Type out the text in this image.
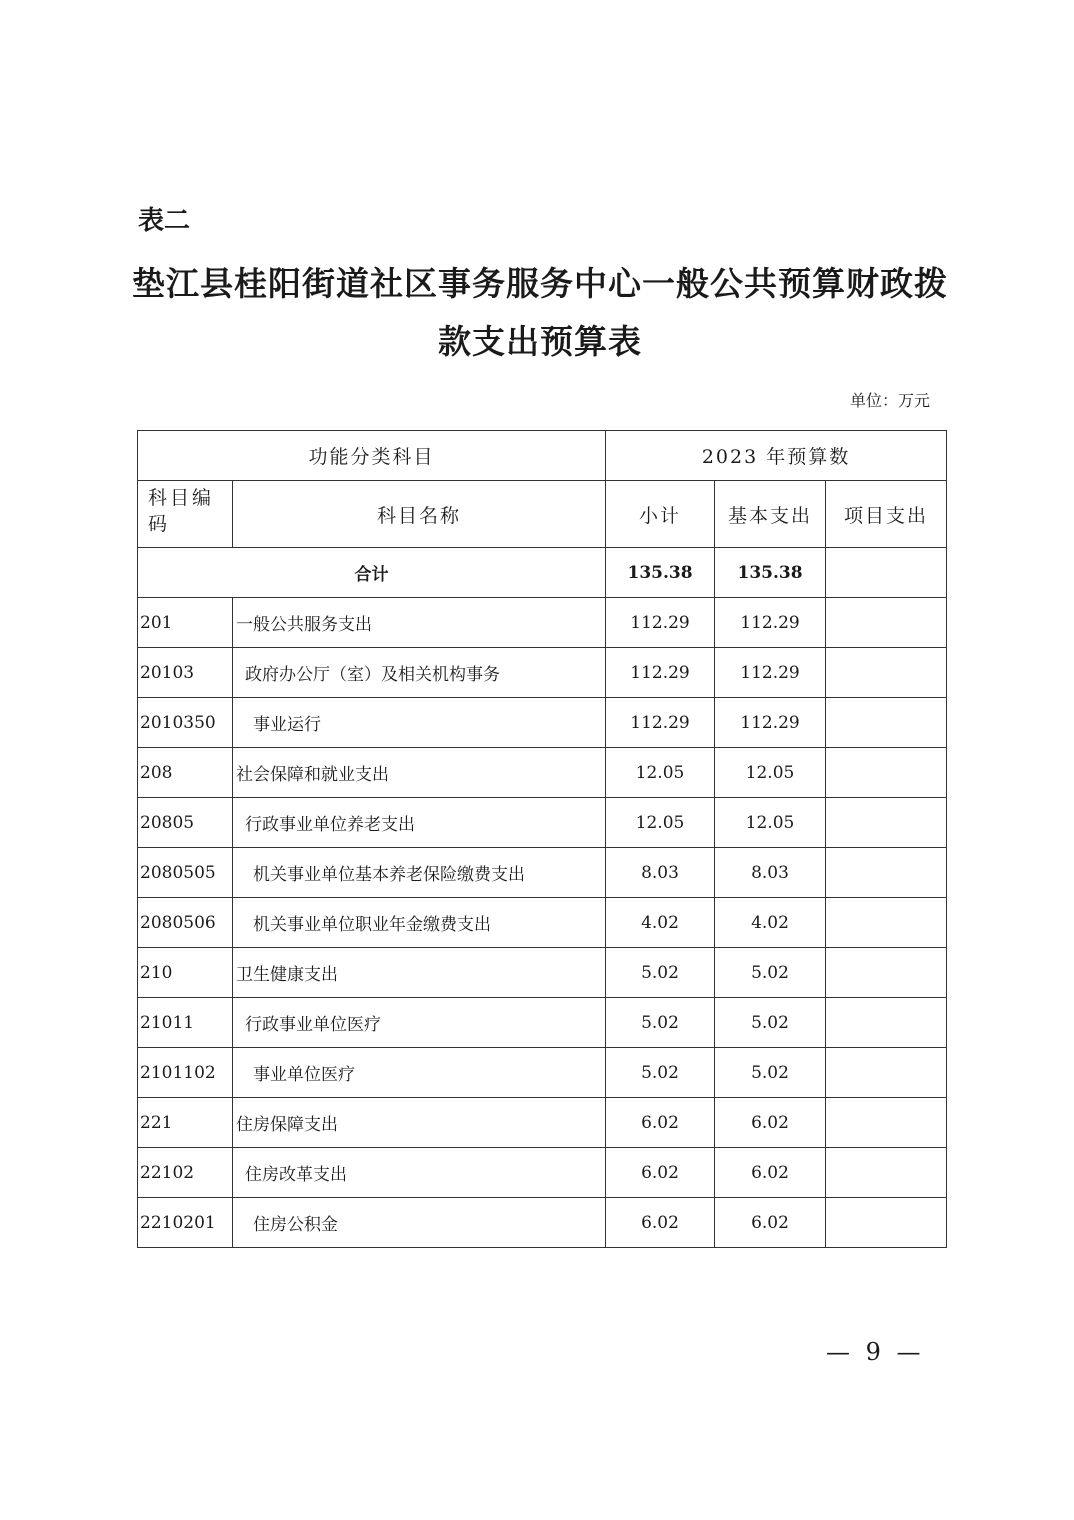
表二
垫江县桂阳街道社区事务服务中心一般公共预算财政拨
款支出预算表
单位：万元
功能分类科目		2023 年预算数		
科目编码	科目名称	小计	基本支出	项目支出
合计		135.38	135.38	
201	一般公共服务支出	112.29	112.29	
20103	政府办公厅（室）及相关机构事务	112.29	112.29	
2010350	事业运行	112.29	112.29	
208	社会保障和就业支出	12.05	12.05	
20805	行政事业单位养老支出	12.05	12.05	
2080505	机关事业单位基本养老保险缴费支出	8.03	8.03	
2080506	机关事业单位职业年金缴费支出	4.02	4.02	
210	卫生健康支出	5.02	5.02	
21011	行政事业单位医疗	5.02	5.02	
2101102	事业单位医疗	5.02	5.02	
221	住房保障支出	6.02	6.02	
22102	住房改革支出	6.02	6.02	
2210201	住房公积金	6.02	6.02	
— 9 —
